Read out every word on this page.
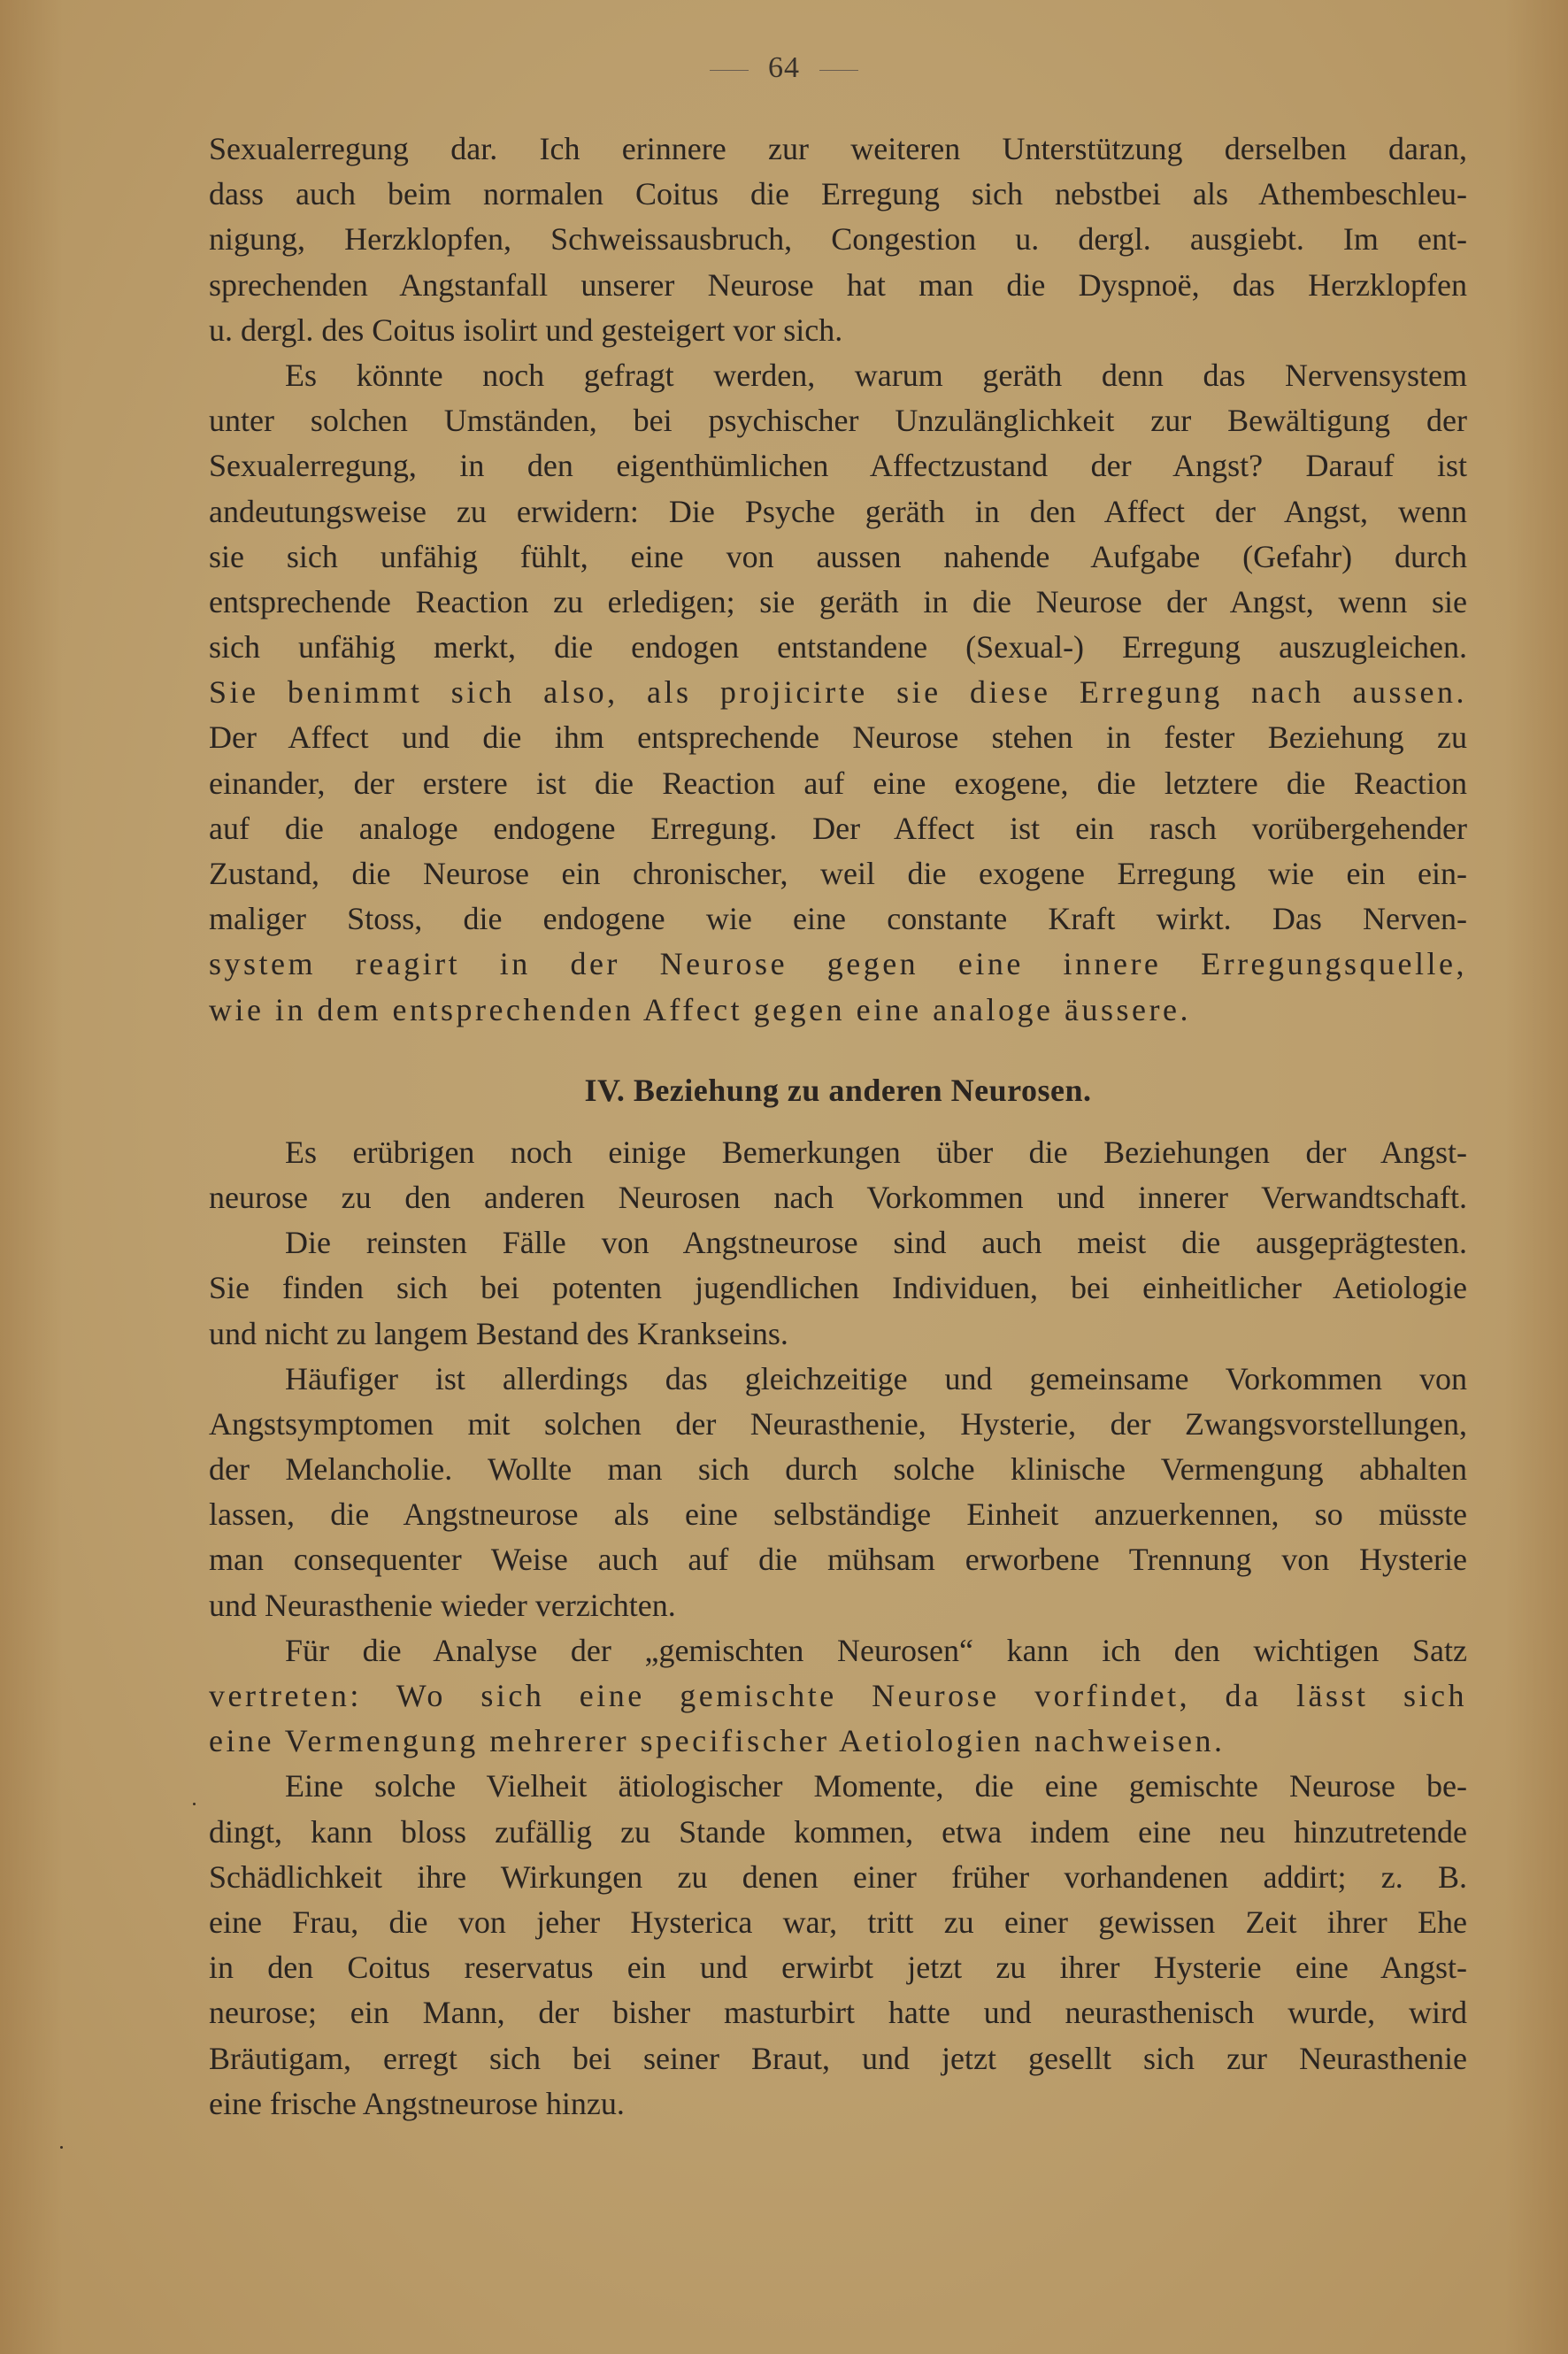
64
Sexualerregung dar. Ich erinnere zur weiteren Unterstützung derselben daran,
dass auch beim normalen Coitus die Erregung sich nebstbei als Athembeschleu-
nigung, Herzklopfen, Schweissausbruch, Congestion u. dergl. ausgiebt. Im ent-
sprechenden Angstanfall unserer Neurose hat man die Dyspnoë, das Herzklopfen
u. dergl. des Coitus isolirt und gesteigert vor sich.
Es könnte noch gefragt werden, warum geräth denn das Nervensystem
unter solchen Umständen, bei psychischer Unzulänglichkeit zur Bewältigung der
Sexualerregung, in den eigenthümlichen Affectzustand der Angst? Darauf ist
andeutungsweise zu erwidern: Die Psyche geräth in den Affect der Angst, wenn
sie sich unfähig fühlt, eine von aussen nahende Aufgabe (Gefahr) durch
entsprechende Reaction zu erledigen; sie geräth in die Neurose der Angst, wenn sie
sich unfähig merkt, die endogen entstandene (Sexual-) Erregung auszugleichen.
Sie benimmt sich also, als projicirte sie diese Erregung nach aussen.
Der Affect und die ihm entsprechende Neurose stehen in fester Beziehung zu
einander, der erstere ist die Reaction auf eine exogene, die letztere die Reaction
auf die analoge endogene Erregung. Der Affect ist ein rasch vorübergehender
Zustand, die Neurose ein chronischer, weil die exogene Erregung wie ein ein-
maliger Stoss, die endogene wie eine constante Kraft wirkt. Das Nerven-
system reagirt in der Neurose gegen eine innere Erregungsquelle,
wie in dem entsprechenden Affect gegen eine analoge äussere.
IV. Beziehung zu anderen Neurosen.
Es erübrigen noch einige Bemerkungen über die Beziehungen der Angst-
neurose zu den anderen Neurosen nach Vorkommen und innerer Verwandtschaft.
Die reinsten Fälle von Angstneurose sind auch meist die ausgeprägtesten.
Sie finden sich bei potenten jugendlichen Individuen, bei einheitlicher Aetiologie
und nicht zu langem Bestand des Krankseins.
Häufiger ist allerdings das gleichzeitige und gemeinsame Vorkommen von
Angstsymptomen mit solchen der Neurasthenie, Hysterie, der Zwangsvorstellungen,
der Melancholie. Wollte man sich durch solche klinische Vermengung abhalten
lassen, die Angstneurose als eine selbständige Einheit anzuerkennen, so müsste
man consequenter Weise auch auf die mühsam erworbene Trennung von Hysterie
und Neurasthenie wieder verzichten.
Für die Analyse der „gemischten Neurosen“ kann ich den wichtigen Satz
vertreten: Wo sich eine gemischte Neurose vorfindet, da lässt sich
eine Vermengung mehrerer specifischer Aetiologien nachweisen.
Eine solche Vielheit ätiologischer Momente, die eine gemischte Neurose be-
dingt, kann bloss zufällig zu Stande kommen, etwa indem eine neu hinzutretende
Schädlichkeit ihre Wirkungen zu denen einer früher vorhandenen addirt; z. B.
eine Frau, die von jeher Hysterica war, tritt zu einer gewissen Zeit ihrer Ehe
in den Coitus reservatus ein und erwirbt jetzt zu ihrer Hysterie eine Angst-
neurose; ein Mann, der bisher masturbirt hatte und neurasthenisch wurde, wird
Bräutigam, erregt sich bei seiner Braut, und jetzt gesellt sich zur Neurasthenie
eine frische Angstneurose hinzu.
